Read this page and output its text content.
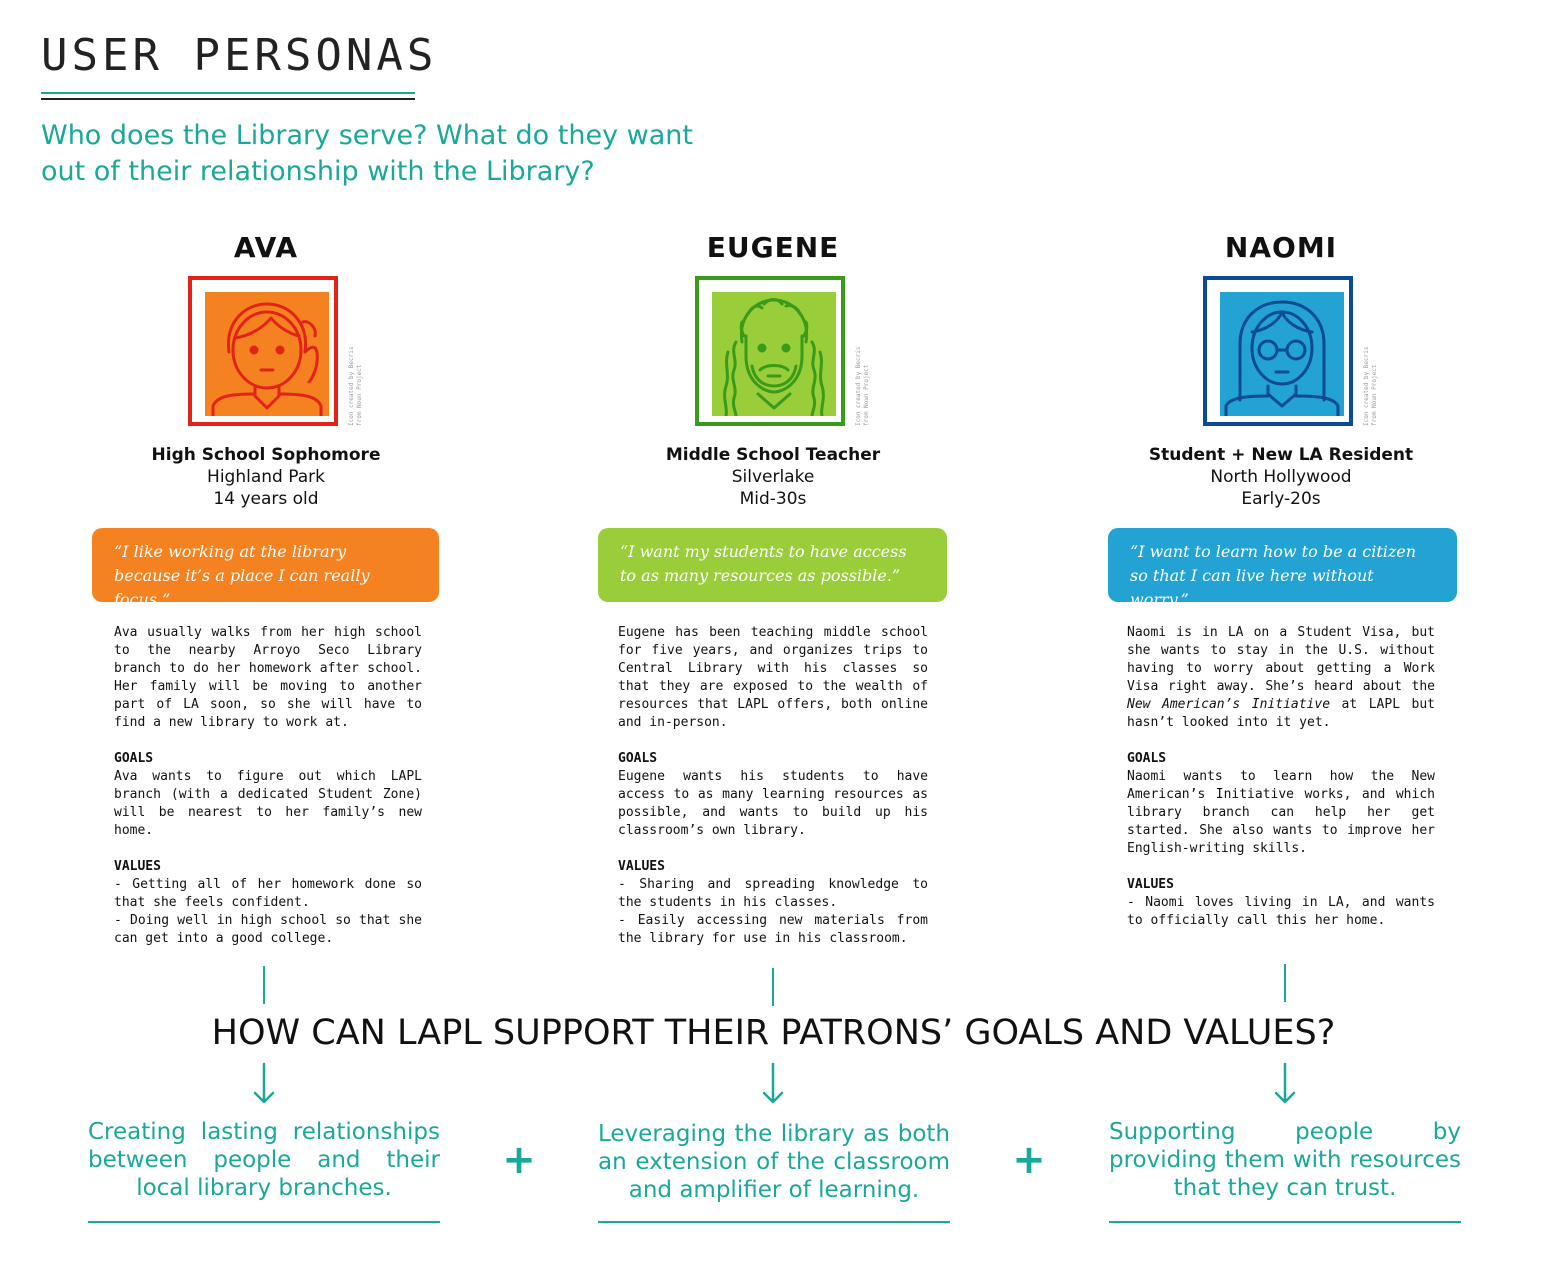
USER PERSONAS

Who does the Library serve? What do they want out of their relationship with the Library?

AVA
Icon created by Becris from Noun Project
High School Sophomore
Highland Park
14 years old
“I like working at the library because it’s a place I can really focus.”

Ava usually walks from her high school to the nearby Arroyo Seco Library branch to do her homework after school. Her family will be moving to another part of LA soon, so she will have to find a new library to work at.

GOALS
Ava wants to figure out which LAPL branch (with a dedicated Student Zone) will be nearest to her family’s new home.

VALUES
- Getting all of her homework done so that she feels confident.
- Doing well in high school so that she can get into a good college.

EUGENE
Icon created by Becris from Noun Project
Middle School Teacher
Silverlake
Mid-30s
“I want my students to have access to as many resources as possible.”

Eugene has been teaching middle school for five years, and organizes trips to Central Library with his classes so that they are exposed to the wealth of resources that LAPL offers, both online and in-person.

GOALS
Eugene wants his students to have access to as many learning resources as possible, and wants to build up his classroom’s own library.

VALUES
- Sharing and spreading knowledge to the students in his classes.
- Easily accessing new materials from the library for use in his classroom.

NAOMI
Icon created by Becris from Noun Project
Student + New LA Resident
North Hollywood
Early-20s
“I want to learn how to be a citizen so that I can live here without worry.”

Naomi is in LA on a Student Visa, but she wants to stay in the U.S. without having to worry about getting a Work Visa right away. She’s heard about the New American’s Initiative at LAPL but hasn’t looked into it yet.

GOALS
Naomi wants to learn how the New American’s Initiative works, and which library branch can help her get started. She also wants to improve her English-writing skills.

VALUES
- Naomi loves living in LA, and wants to officially call this her home.

HOW CAN LAPL SUPPORT THEIR PATRONS’ GOALS AND VALUES?
Creating lasting relationships between people and their local library branches.
+
Leveraging the library as both an extension of the classroom and amplifier of learning.
+
Supporting people by providing them with resources that they can trust.
